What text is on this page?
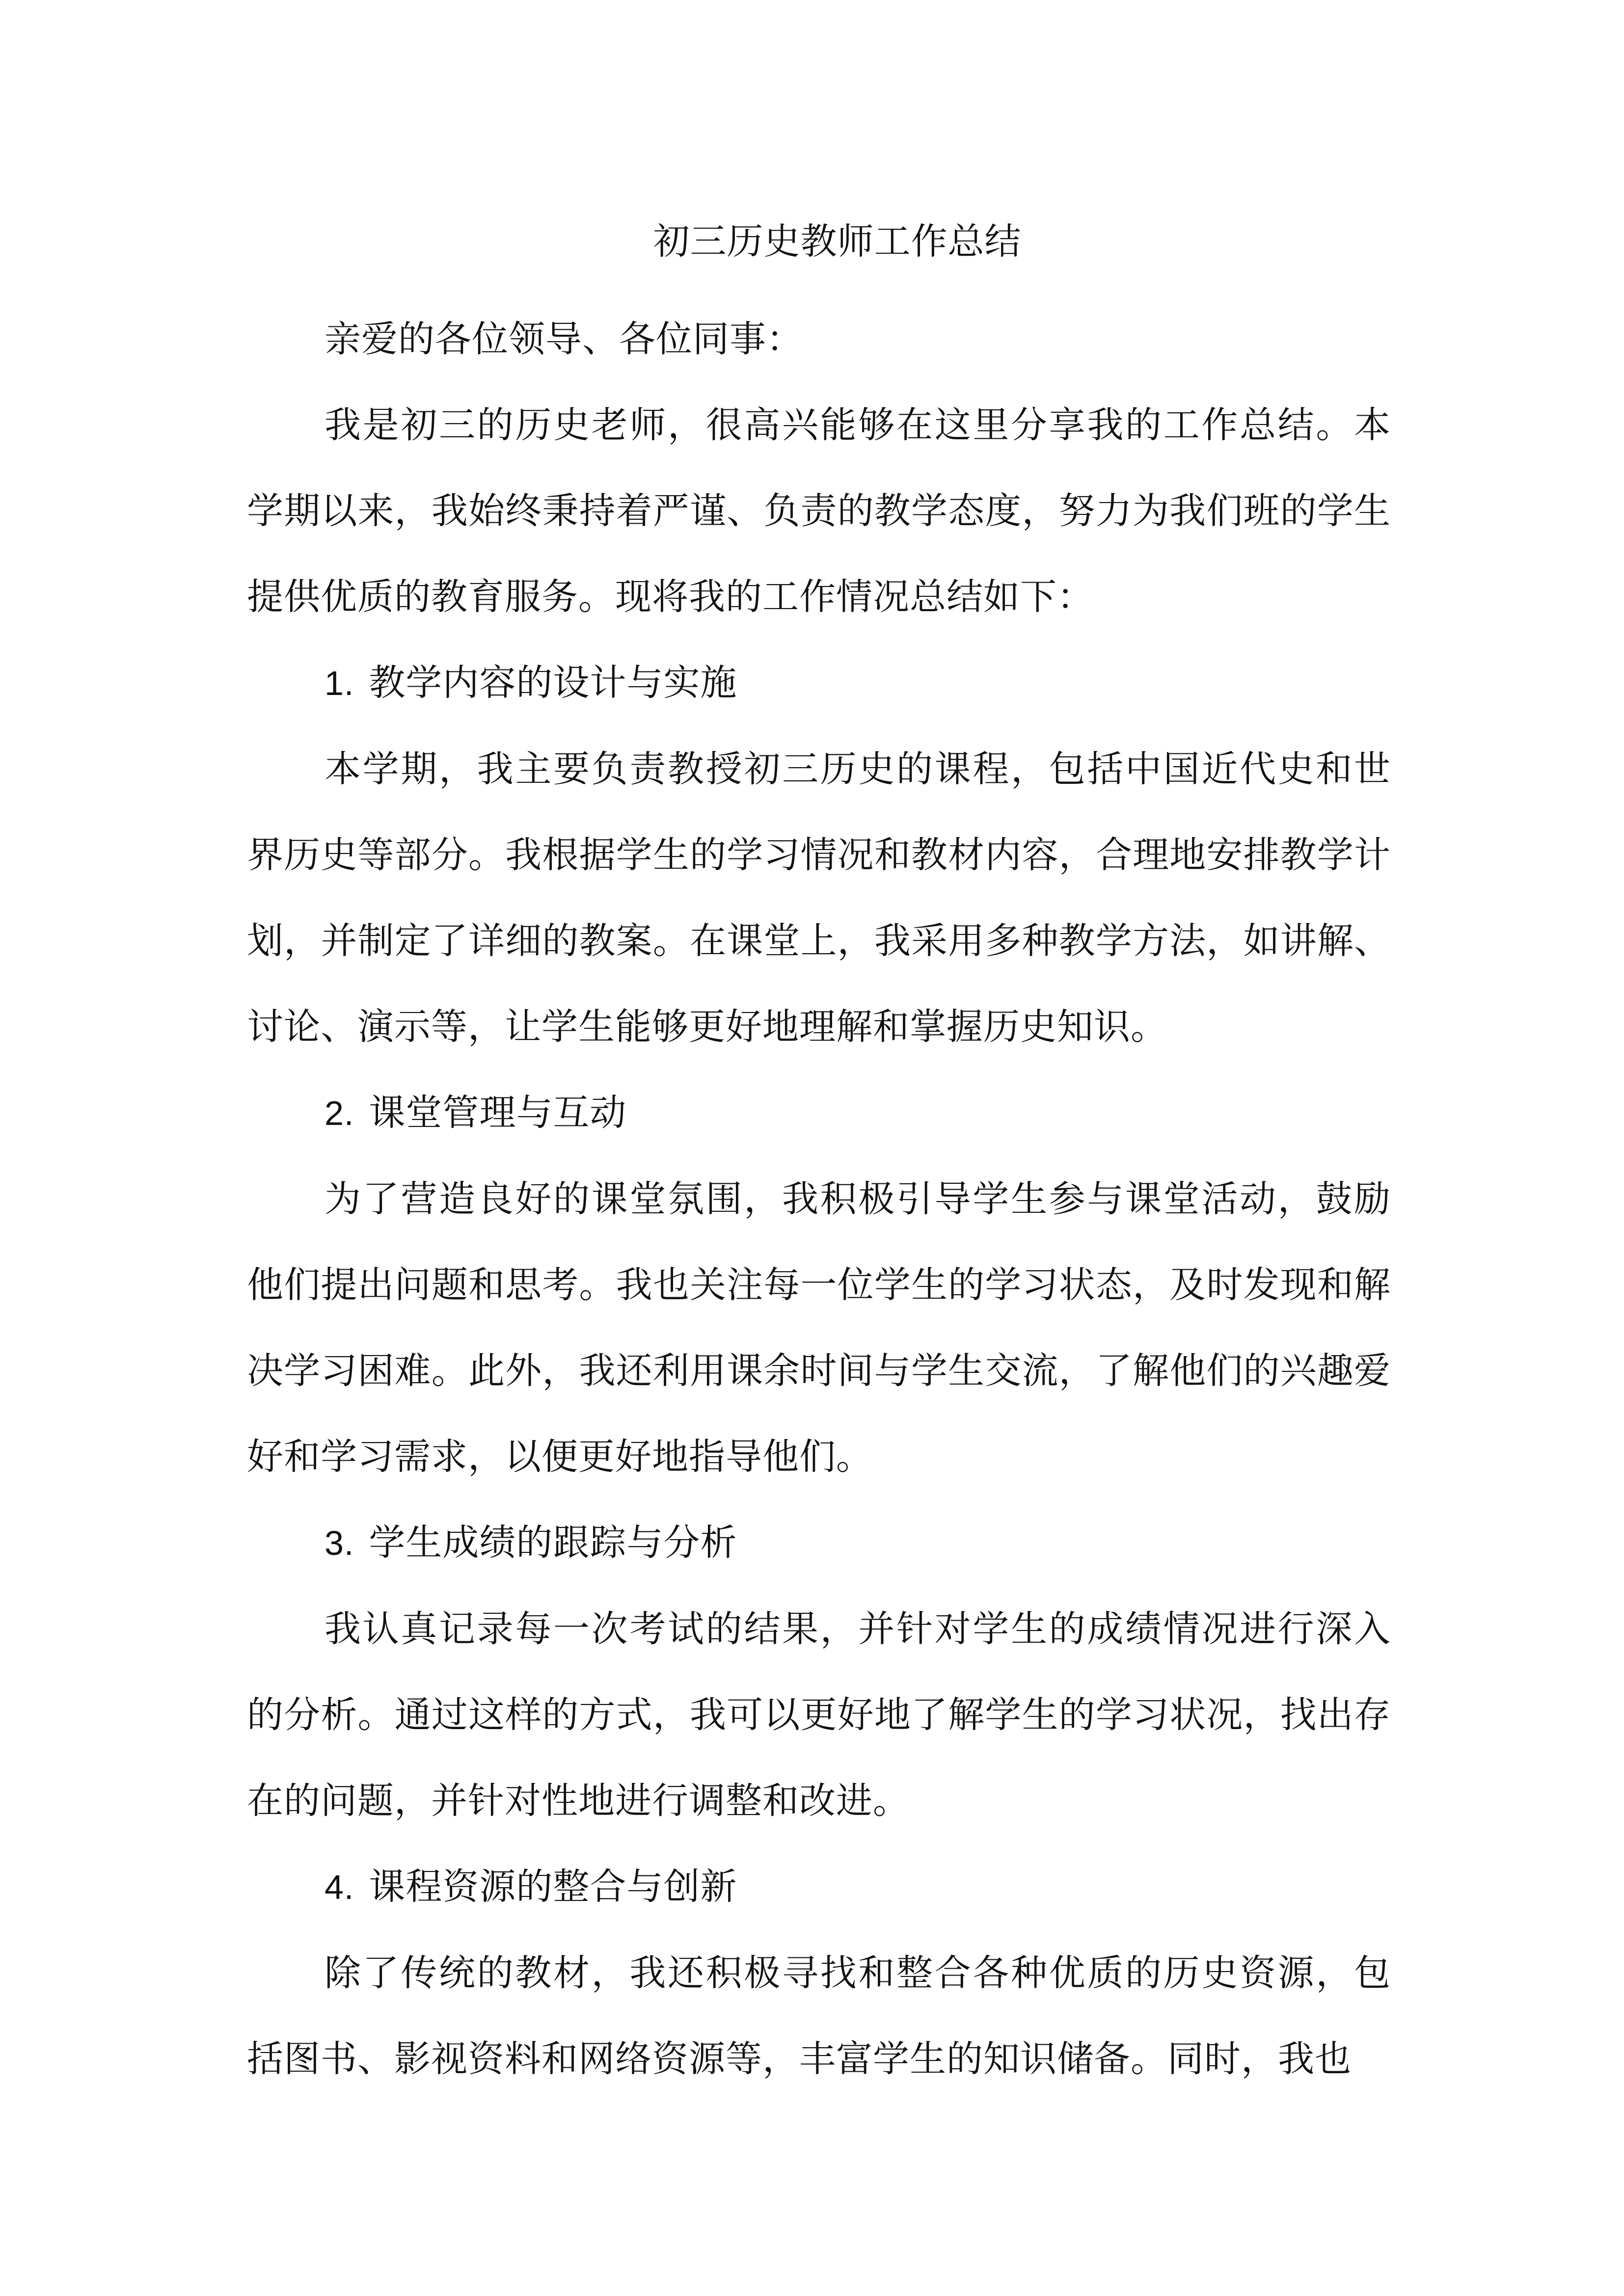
初三历史教师工作总结

亲爱的各位领导、各位同事：

我是初三的历史老师，很高兴能够在这里分享我的工作总结。本学期以来，我始终秉持着严谨、负责的教学态度，努力为我们班的学生提供优质的教育服务。现将我的工作情况总结如下：

1. 教学内容的设计与实施

本学期，我主要负责教授初三历史的课程，包括中国近代史和世界历史等部分。我根据学生的学习情况和教材内容，合理地安排教学计划，并制定了详细的教案。在课堂上，我采用多种教学方法，如讲解、讨论、演示等，让学生能够更好地理解和掌握历史知识。

2. 课堂管理与互动

为了营造良好的课堂氛围，我积极引导学生参与课堂活动，鼓励他们提出问题和思考。我也关注每一位学生的学习状态，及时发现和解决学习困难。此外，我还利用课余时间与学生交流，了解他们的兴趣爱好和学习需求，以便更好地指导他们。

3. 学生成绩的跟踪与分析

我认真记录每一次考试的结果，并针对学生的成绩情况进行深入的分析。通过这样的方式，我可以更好地了解学生的学习状况，找出存在的问题，并针对性地进行调整和改进。

4. 课程资源的整合与创新

除了传统的教材，我还积极寻找和整合各种优质的历史资源，包括图书、影视资料和网络资源等，丰富学生的知识储备。同时，我也
